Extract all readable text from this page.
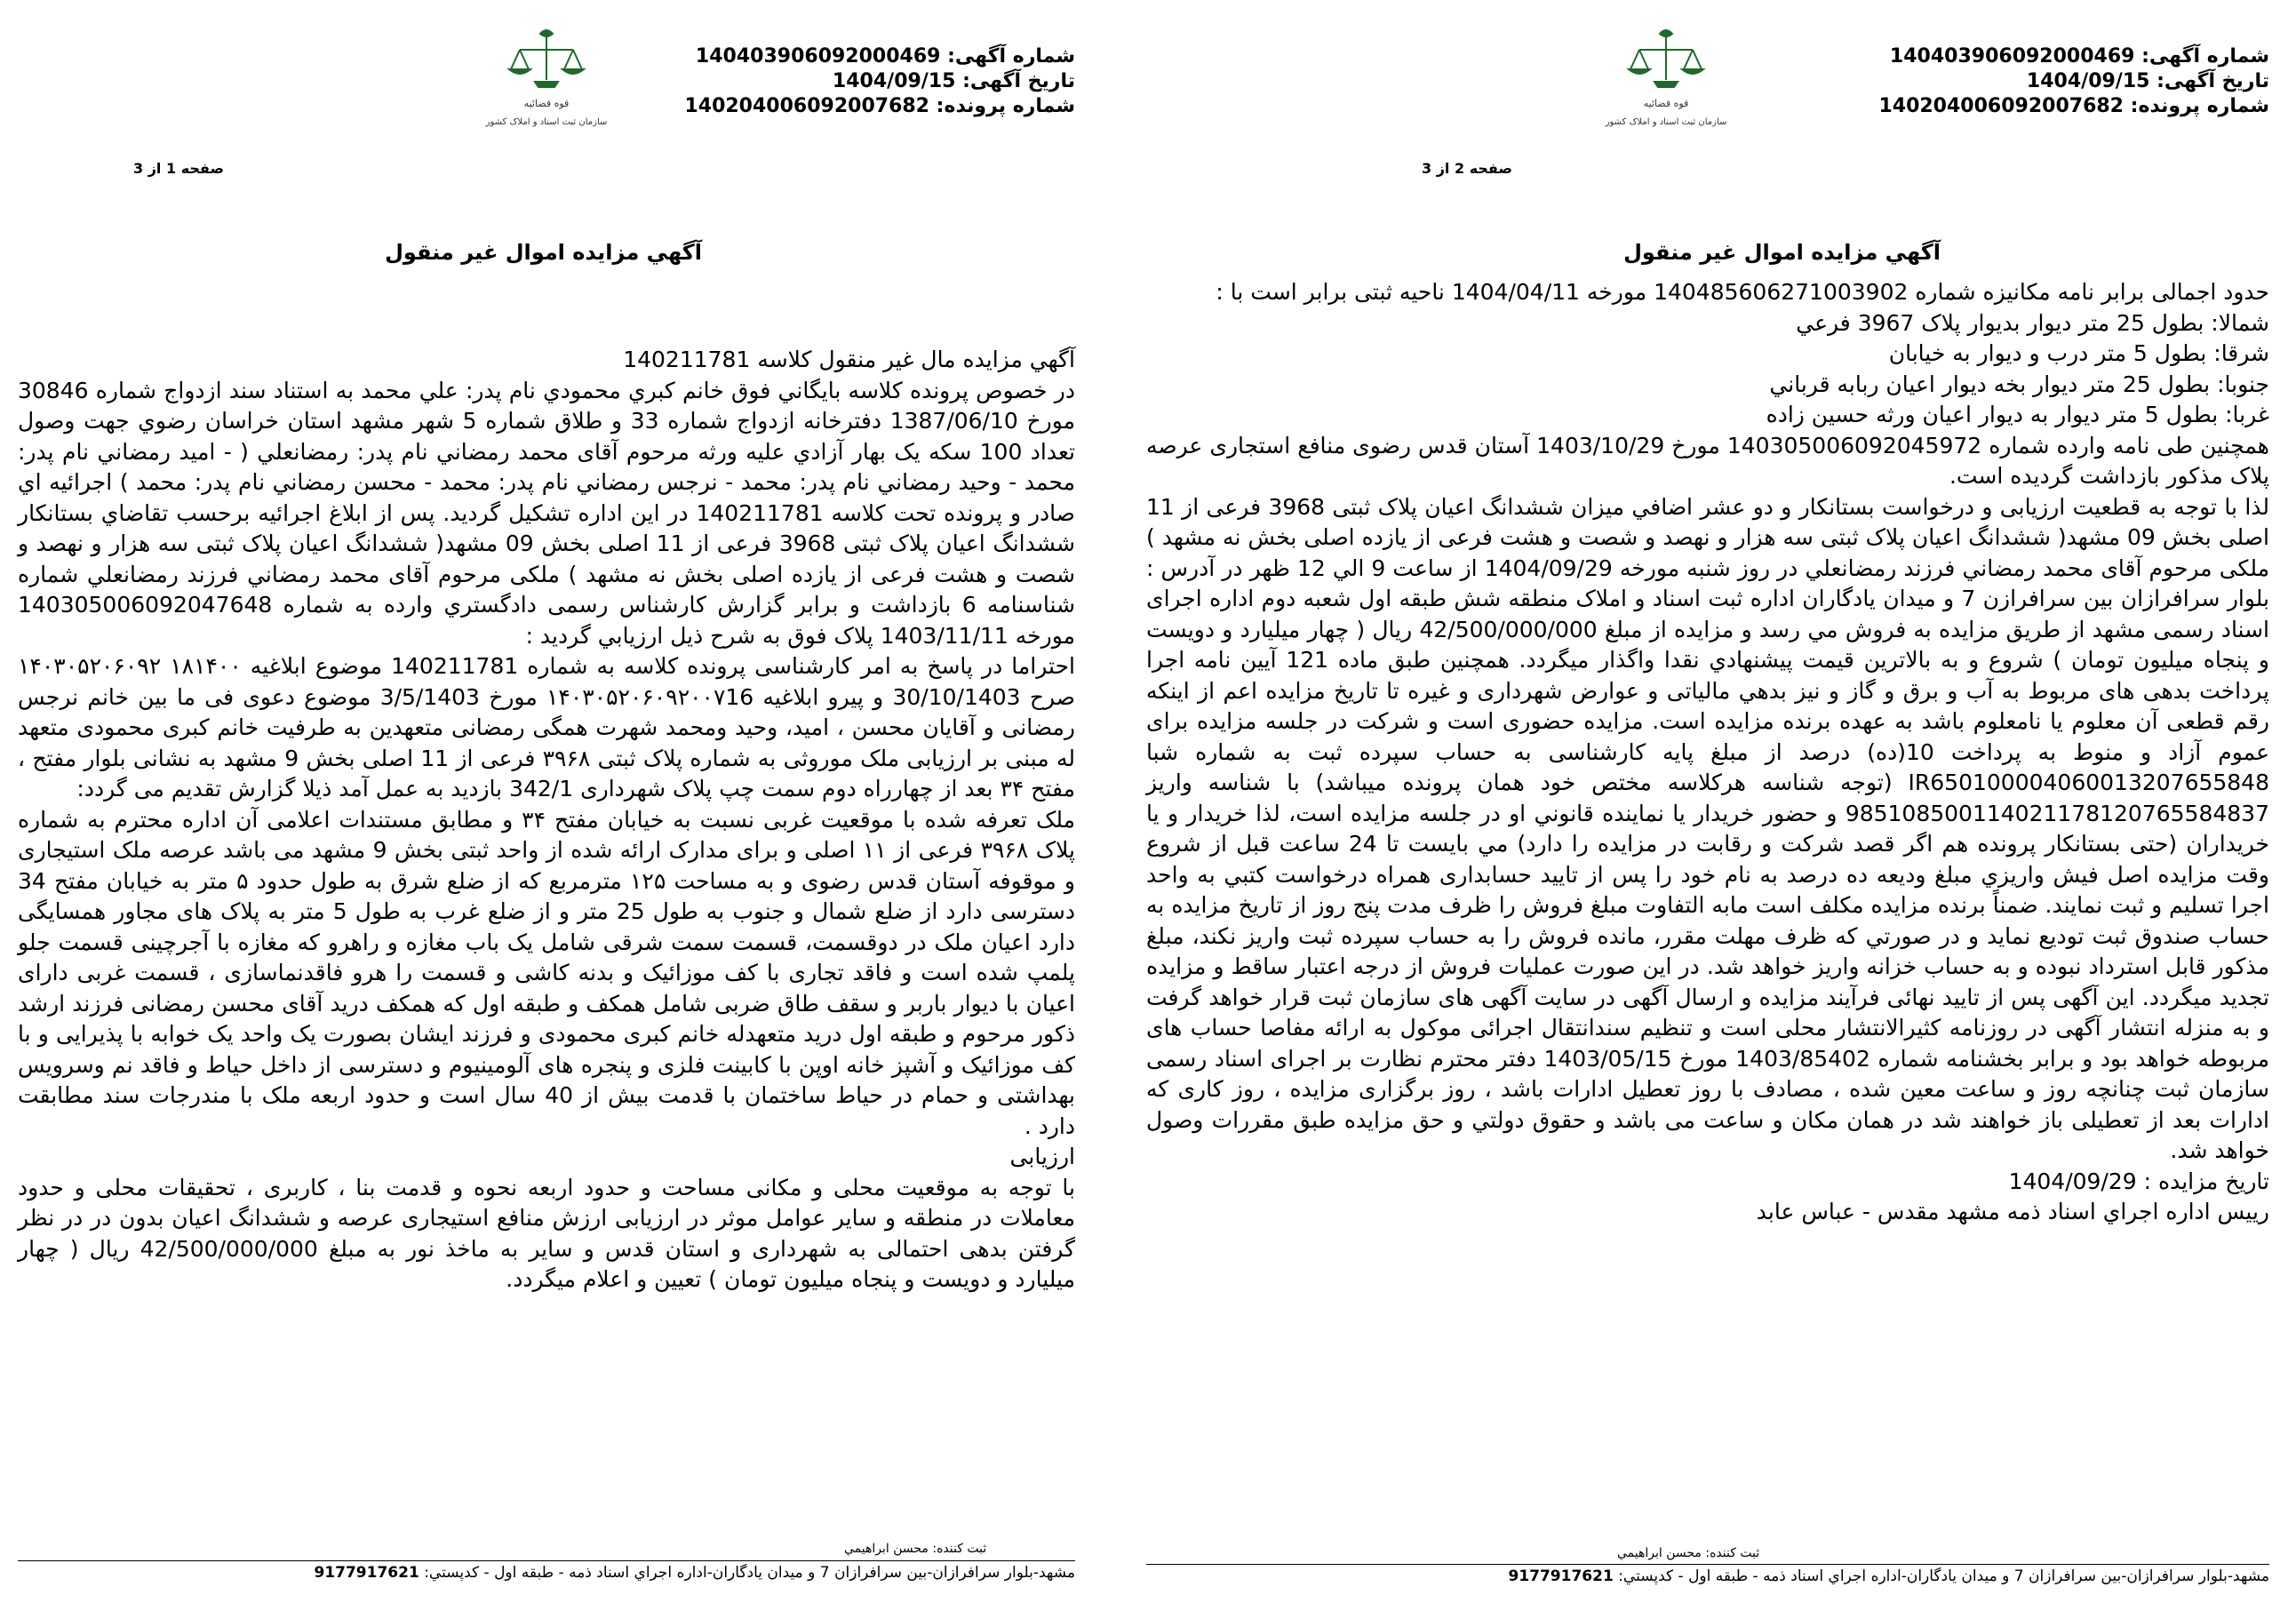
قوه قضائیه
سازمان ثبت اسناد و املاک کشور
شماره آگهی: 140403906092000469
تاریخ آگهی: 1404/09/15
شماره پرونده: 140204006092007682
صفحه 2 از 3
آگهي مزايده اموال غير منقول

حدود اجمالی برابر نامه مکانیزه شماره 140485606271003902 مورخه 1404/04/11 ناحیه ثبتی برابر است با :

شمالا: بطول 25 متر ديوار بديوار پلاک 3967 فرعي

شرقا: بطول 5 متر درب و ديوار به خيابان

جنوبا: بطول 25 متر ديوار بخه ديوار اعيان ربابه قرباني

غربا: بطول 5 متر ديوار به ديوار اعيان ورثه حسين زاده

همچنين طی نامه وارده شماره 140305006092045972 مورخ 1403/10/29 آستان قدس رضوی منافع استجاری عرصه پلاک مذکور بازداشت گرديده است.

لذا با توجه به قطعيت ارزيابی و درخواست بستانکار و دو عشر اضافي ميزان ششدانگ اعيان پلاک ثبتی 3968 فرعی از 11 اصلی بخش 09 مشهد( ششدانگ اعيان پلاک ثبتی سه هزار و نهصد و شصت و هشت فرعی از يازده اصلی بخش نه مشهد ) ملکی مرحوم آقای محمد رمضاني فرزند رمضانعلي در روز شنبه مورخه 1404/09/29 از ساعت 9 الي 12 ظهر در آدرس : بلوار سرافرازان بين سرافرازن 7 و ميدان يادگاران اداره ثبت اسناد و املاک منطقه شش طبقه اول شعبه دوم اداره اجرای اسناد رسمی مشهد از طريق مزايده به فروش مي رسد و مزايده از مبلغ 42/500/000/000 ريال ( چهار ميليارد و دويست و پنجاه ميليون تومان ) شروع و به بالاترين قيمت پيشنهادي نقدا واگذار ميگردد. همچنين طبق ماده 121 آيين نامه اجرا پرداخت بدهی های مربوط به آب و برق و گاز و نيز بدهي مالياتی و عوارض شهرداری و غيره تا تاريخ مزايده اعم از اينکه رقم قطعی آن معلوم يا نامعلوم باشد به عهده برنده مزايده است. مزايده حضوری است و شرکت در جلسه مزايده برای عموم آزاد و منوط به پرداخت 10(ده) درصد از مبلغ پايه کارشناسی به حساب سپرده ثبت به شماره شبا IR650100004060013207655848 (توجه شناسه هرکلاسه مختص خود همان پرونده ميباشد) با شناسه واريز 985108500114021178120765584837 و حضور خريدار يا نماينده قانوني او در جلسه مزايده است، لذا خريدار و يا خريداران (حتی بستانکار پرونده هم اگر قصد شرکت و رقابت در مزايده را دارد) مي بايست تا 24 ساعت قبل از شروع وقت مزايده اصل فيش واريزي مبلغ وديعه ده درصد به نام خود را پس از تاييد حسابداری همراه درخواست کتبي به واحد اجرا تسليم و ثبت نمايند. ضمناً برنده مزايده مکلف است مابه التفاوت مبلغ فروش را ظرف مدت پنج روز از تاريخ مزايده به حساب صندوق ثبت توديع نمايد و در صورتي که ظرف مهلت مقرر، مانده فروش را به حساب سپرده ثبت واريز نکند، مبلغ مذکور قابل استرداد نبوده و به حساب خزانه واريز خواهد شد. در اين صورت عمليات فروش از درجه اعتبار ساقط و مزايده تجديد ميگردد. اين آگهی پس از تاييد نهائی فرآيند مزايده و ارسال آگهی در سايت آگهی های سازمان ثبت قرار خواهد گرفت و به منزله انتشار آگهی در روزنامه کثيرالانتشار محلی است و تنظيم سندانتقال اجرائی موکول به ارائه مفاصا حساب های مربوطه خواهد بود و برابر بخشنامه شماره 1403/85402 مورخ 1403/05/15 دفتر محترم نظارت بر اجرای اسناد رسمی سازمان ثبت چنانچه روز و ساعت معين شده ، مصادف با روز تعطيل ادارات باشد ، روز برگزاری مزايده ، روز کاری که ادارات بعد از تعطيلی باز خواهند شد در همان مکان و ساعت می باشد و حقوق دولتي و حق مزايده طبق مقررات وصول خواهد شد.

تاريخ مزايده : 1404/09/29

رييس اداره اجراي اسناد ذمه مشهد مقدس - عباس عابد

ثبت کننده: محسن ابراهيمي
مشهد-بلوار سرافرازان-بين سرافرازان 7 و ميدان يادگاران-اداره اجراي اسناد ذمه - طبقه اول - کدپستي: 9177917621
قوه قضائیه
سازمان ثبت اسناد و املاک کشور
شماره آگهی: 140403906092000469
تاریخ آگهی: 1404/09/15
شماره پرونده: 140204006092007682
صفحه 1 از 3
آگهي مزايده اموال غير منقول

آگهي مزايده مال غير منقول کلاسه 140211781

در خصوص پرونده کلاسه بايگاني فوق خانم کبري محمودي نام پدر: علي محمد به استناد سند ازدواج شماره 30846 مورخ 1387/06/10 دفترخانه ازدواج شماره 33 و طلاق شماره 5 شهر مشهد استان خراسان رضوي جهت وصول تعداد 100 سکه يک بهار آزادي عليه ورثه مرحوم آقای محمد رمضاني نام پدر: رمضانعلي ( - اميد رمضاني نام پدر: محمد - وحيد رمضاني نام پدر: محمد - نرجس رمضاني نام پدر: محمد - محسن رمضاني نام پدر: محمد ) اجرائيه اي صادر و پرونده تحت کلاسه 140211781 در اين اداره تشکيل گرديد. پس از ابلاغ اجرائيه برحسب تقاضاي بستانکار ششدانگ اعيان پلاک ثبتی 3968 فرعی از 11 اصلی بخش 09 مشهد( ششدانگ اعيان پلاک ثبتی سه هزار و نهصد و شصت و هشت فرعی از يازده اصلی بخش نه مشهد ) ملکی مرحوم آقای محمد رمضاني فرزند رمضانعلي شماره شناسنامه 6 بازداشت و برابر گزارش کارشناس رسمی دادگستري وارده به شماره 140305006092047648 مورخه 1403/11/11 پلاک فوق به شرح ذيل ارزيابي گرديد :

احتراما در پاسخ به امر کارشناسی پرونده کلاسه به شماره 140211781 موضوع ابلاغيه ۱۸۱۴۰۰ ۱۴۰۳۰۵۲۰۶۰۹۲ صرح 30/10/1403 و پيرو ابلاغيه ۱۴۰۳۰۵۲۰۶۰۹۲۰۰۷16 مورخ 3/5/1403 موضوع دعوی فی ما بين خانم نرجس رمضانی و آقايان محسن ، اميد، وحيد ومحمد شهرت همگی رمضانی متعهدين به طرفيت خانم کبری محمودی متعهد له مبنی بر ارزيابی ملک موروثی به شماره پلاک ثبتی ۳۹۶۸ فرعی از 11 اصلی بخش 9 مشهد به نشانی بلوار مفتح ، مفتح ۳۴ بعد از چهارراه دوم سمت چپ پلاک شهرداری 342/1 بازديد به عمل آمد ذيلا گزارش تقديم می گردد:

ملک تعرفه شده با موقعيت غربی نسبت به خيابان مفتح ۳۴ و مطابق مستندات اعلامی آن اداره محترم به شماره پلاک ۳۹۶۸ فرعی از ۱۱ اصلی و برای مدارک ارائه شده از واحد ثبتی بخش 9 مشهد می باشد عرصه ملک استيجاری و موقوفه آستان قدس رضوی و به مساحت ۱۲۵ مترمربع که از ضلع شرق به طول حدود ۵ متر به خيابان مفتح 34 دسترسی دارد از ضلع شمال و جنوب به طول 25 متر و از ضلع غرب به طول 5 متر به پلاک های مجاور همسايگی دارد اعيان ملک در دوقسمت، قسمت سمت شرقی شامل يک باب مغازه و راهرو که مغازه با آجرچينی قسمت جلو پلمپ شده است و فاقد تجاری با کف موزائيک و بدنه کاشی و قسمت را هرو فاقدنماسازی ، قسمت غربی دارای اعيان با ديوار باربر و سقف طاق ضربی شامل همکف و طبقه اول که همکف دريد آقای محسن رمضانی فرزند ارشد ذکور مرحوم و طبقه اول دريد متعهدله خانم کبری محمودی و فرزند ايشان بصورت يک واحد يک خوابه با پذيرايی و با کف موزائيک و آشپز خانه اوپن با کابينت فلزی و پنجره های آلومينيوم و دسترسی از داخل حياط و فاقد نم وسرويس بهداشتی و حمام در حياط ساختمان با قدمت بيش از 40 سال است و حدود اربعه ملک با مندرجات سند مطابقت دارد .

ارزيابی

با توجه به موقعيت محلی و مکانی مساحت و حدود اربعه نحوه و قدمت بنا ، کاربری ، تحقيقات محلی و حدود معاملات در منطقه و ساير عوامل موثر در ارزيابی ارزش منافع استيجاری عرصه و ششدانگ اعيان بدون در در نظر گرفتن بدهی احتمالی به شهرداری و استان قدس و ساير به ماخذ نور به مبلغ 42/500/000/000 ريال ( چهار ميليارد و دويست و پنجاه ميليون تومان ) تعيين و اعلام ميگردد.

ثبت کننده: محسن ابراهيمي
مشهد-بلوار سرافرازان-بين سرافرازان 7 و ميدان يادگاران-اداره اجراي اسناد ذمه - طبقه اول - کدپستي: 9177917621
